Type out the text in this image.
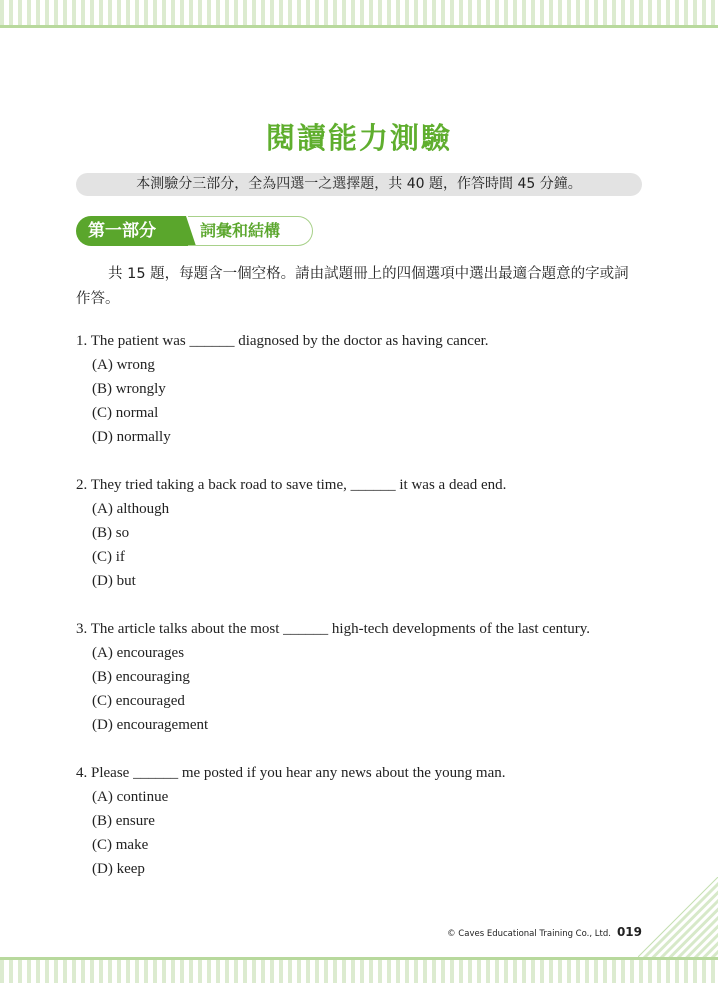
閱讀能力測驗
本測驗分三部分，全為四選一之選擇題，共 40 題，作答時間 45 分鐘。
第一部分	詞彙和結構
共 15 題，每題含一個空格。請由試題冊上的四個選項中選出最適合題意的字或詞作答。
1. The patient was ______ diagnosed by the doctor as having cancer.
(A) wrong
(B) wrongly
(C) normal
(D) normally
2. They tried taking a back road to save time, ______ it was a dead end.
(A) although
(B) so
(C) if
(D) but
3. The article talks about the most ______ high-tech developments of the last century.
(A) encourages
(B) encouraging
(C) encouraged
(D) encouragement
4. Please ______ me posted if you hear any news about the young man.
(A) continue
(B) ensure
(C) make
(D) keep
© Caves Educational Training Co., Ltd. 019
